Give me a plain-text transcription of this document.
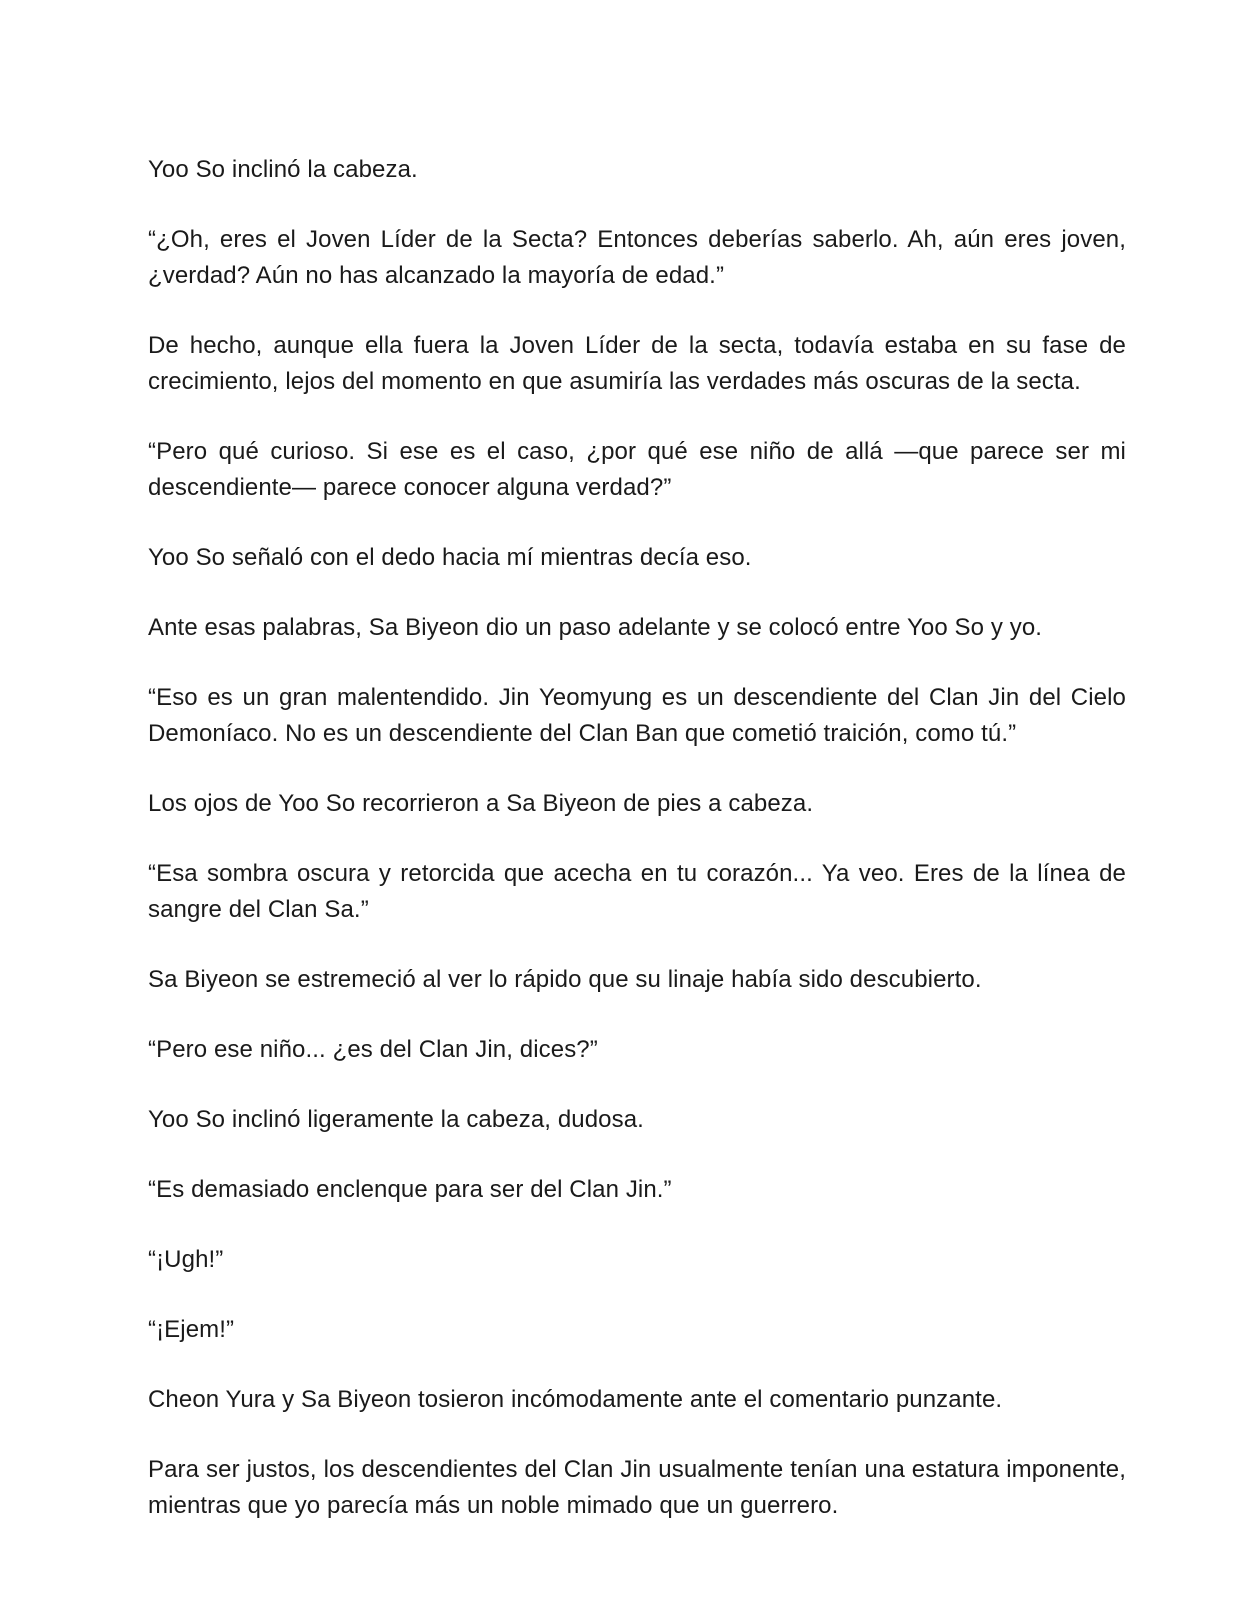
Yoo So inclinó la cabeza.

“¿Oh, eres el Joven Líder de la Secta? Entonces deberías saberlo. Ah, aún eres joven, ¿verdad? Aún no has alcanzado la mayoría de edad.”

De hecho, aunque ella fuera la Joven Líder de la secta, todavía estaba en su fase de crecimiento, lejos del momento en que asumiría las verdades más oscuras de la secta.

“Pero qué curioso. Si ese es el caso, ¿por qué ese niño de allá —que parece ser mi descendiente— parece conocer alguna verdad?”

Yoo So señaló con el dedo hacia mí mientras decía eso.

Ante esas palabras, Sa Biyeon dio un paso adelante y se colocó entre Yoo So y yo.

“Eso es un gran malentendido. Jin Yeomyung es un descendiente del Clan Jin del Cielo Demoníaco. No es un descendiente del Clan Ban que cometió traición, como tú.”

Los ojos de Yoo So recorrieron a Sa Biyeon de pies a cabeza.

“Esa sombra oscura y retorcida que acecha en tu corazón... Ya veo. Eres de la línea de sangre del Clan Sa.”

Sa Biyeon se estremeció al ver lo rápido que su linaje había sido descubierto.

“Pero ese niño... ¿es del Clan Jin, dices?”

Yoo So inclinó ligeramente la cabeza, dudosa.

“Es demasiado enclenque para ser del Clan Jin.”

“¡Ugh!”

“¡Ejem!”

Cheon Yura y Sa Biyeon tosieron incómodamente ante el comentario punzante.

Para ser justos, los descendientes del Clan Jin usualmente tenían una estatura imponente, mientras que yo parecía más un noble mimado que un guerrero.
